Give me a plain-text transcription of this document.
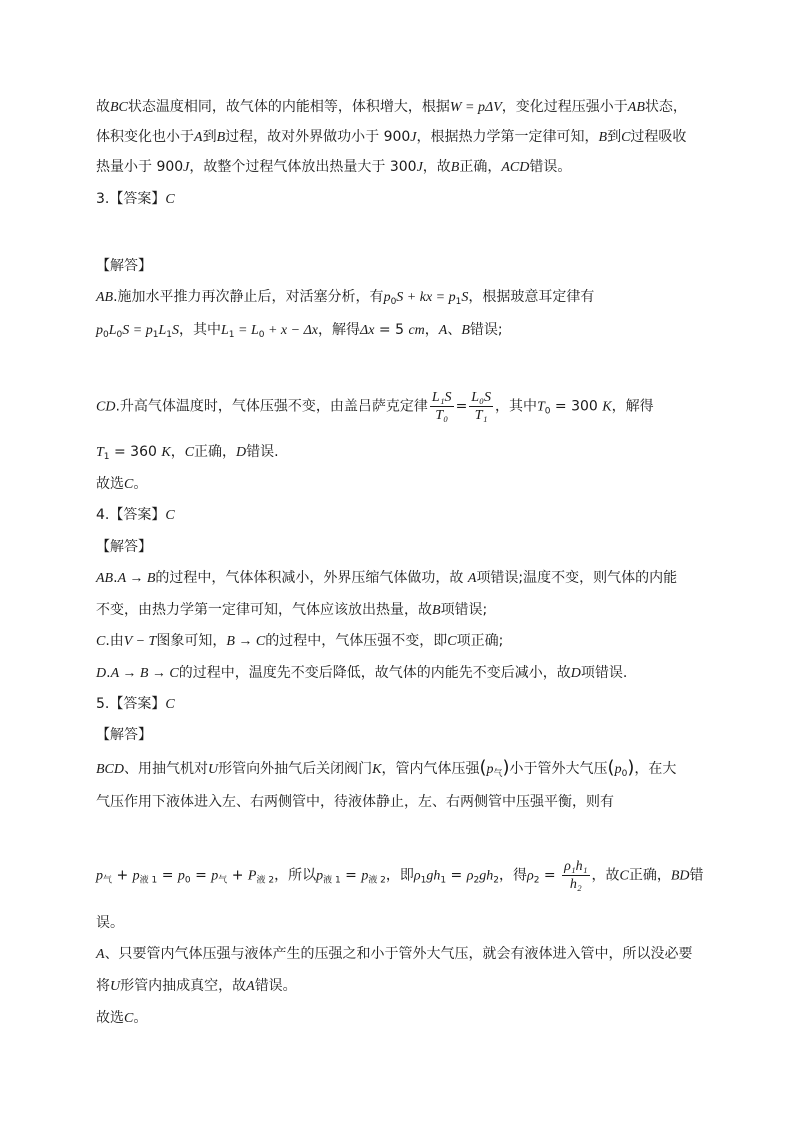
故BC状态温度相同，故气体的内能相等，体积增大，根据W = pΔV，变化过程压强小于AB状态，
体积变化也小于A到B过程，故对外界做功小于 900J，根据热力学第一定律可知，B到C过程吸收
热量小于 900J，故整个过程气体放出热量大于 300J，故B正确，ACD错误。
3.【答案】C
【解答】
AB.施加水平推力再次静止后，对活塞分析，有$p_0S$ + kx = $p_1S$，根据玻意耳定律有
$p_0L_0S = p_1L_1S$，其中$L_1 = L_0 + x - \Delta x$，解得Δx = 5 cm，A、B错误;
CD.升高气体温度时，气体压强不变，由盖吕萨克定律 $\frac{\text{L₁S}}{\text{T₀}} = \frac{\text{L₀S}}{\text{T₁}}$ ，其中$T_0 = 300$ K，解得
$T_1 = 360$ K，C正确，D错误.
故选C。
4.【答案】C
【解答】
AB.A → B的过程中，气体体积减小，外界压缩气体做功，故 A项错误;温度不变，则气体的内能
不变，由热力学第一定律可知，气体应该放出热量，故B项错误;
C.由V − T图象可知，B → C的过程中，气体压强不变，即C项正确;
D.A → B → C的过程中，温度先不变后降低，故气体的内能先不变后减小，故D项错误.
5.【答案】C
【解答】
BCD、用抽气机对U形管向外抽气后关闭阀门K，管内气体压强$(p_气)$小于管外大气压$(p_0)$，在大
气压作用下液体进入左、右两侧管中，待液体静止，左、右两侧管中压强平衡，则有
$p_气 + p_{液 1} = p_0 = p_气 + P_{液 2}$，所以$p_{液 1} = p_{液 2}$，即$\rho_1gh_1 = \rho_2gh_2$，得$\rho_2 = \frac{\text{ρ₁h₁}}{\text{h₂}}$ ，故C正确，BD错
误。
A、只要管内气体压强与液体产生的压强之和小于管外大气压，就会有液体进入管中，所以没必要
将U形管内抽成真空，故A错误。
故选C。
